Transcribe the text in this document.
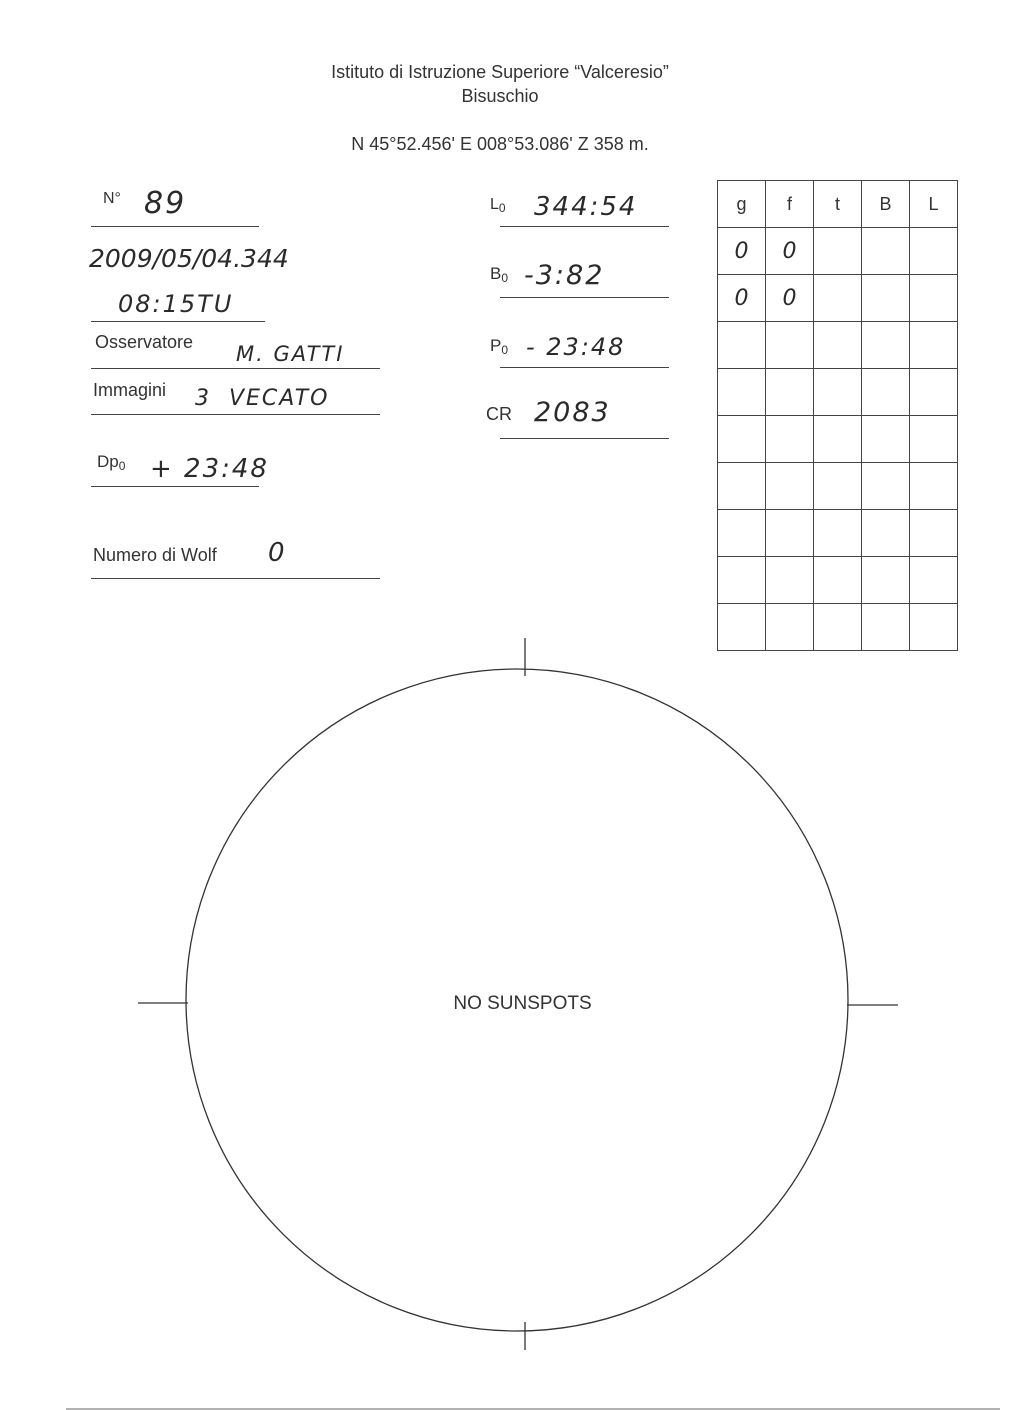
Istituto di Istruzione Superiore “Valceresio”
Bisuschio
N 45°52.456' E 008°53.086' Z 358 m.
N° 89
2009/05/04.344
08:15TU
Osservatore M. GATTI
Immagini 3  VECATO
$Dp_0$ + 23:48
Numero di Wolf 0
$L_0$ 344:54
$B_0$ -3:82
$P_0$ - 23:48
CR 2083
g	f	t	B	L
0	0			
0	0			

NO SUNSPOTS
